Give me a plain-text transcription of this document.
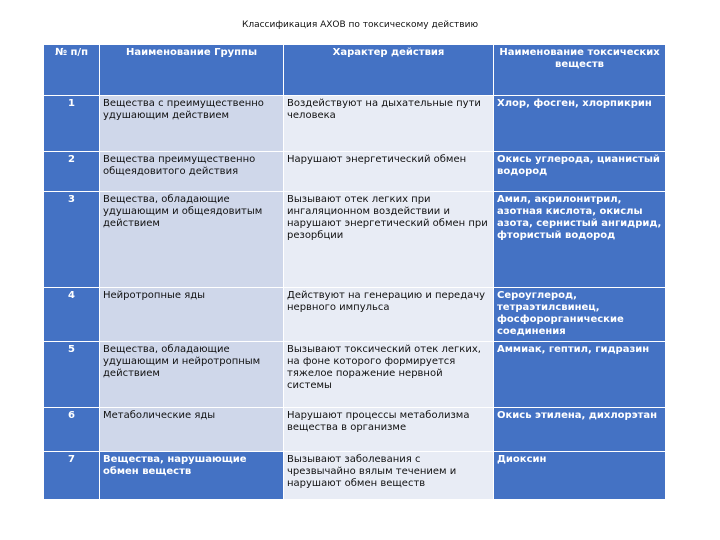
Классификация АХОВ по токсическому действию
№ п/п	Наименование Группы	Характер действия	Наименование токсических веществ
1	Вещества с преимущественно удушающим действием	Воздействуют на дыхательные пути человека	Хлор, фосген, хлорпикрин
2	Вещества преимущественно общеядовитого действия	Нарушают энергетический обмен	Окись углерода, цианистый водород
3	Вещества, обладающие удушающим и общеядовитым действием	Вызывают отек легких при ингаляционном воздействии и нарушают энергетический обмен при резорбции	Амил, акрилонитрил, азотная кислота, окислы азота, сернистый ангидрид, фтористый водород
4	Нейротропные яды	Действуют на генерацию и передачу нервного импульса	Сероуглерод, тетраэтилсвинец, фосфорорганические соединения
5	Вещества, обладающие удушающим и нейротропным действием	Вызывают токсический отек легких, на фоне которого формируется тяжелое поражение нервной системы	Аммиак, гептил, гидразин
6	Метаболические яды	Нарушают процессы метаболизма вещества в организме	Окись этилена, дихлорэтан
7	Вещества, нарушающие обмен веществ	Вызывают заболевания с чрезвычайно вялым течением и нарушают обмен веществ	Диоксин
